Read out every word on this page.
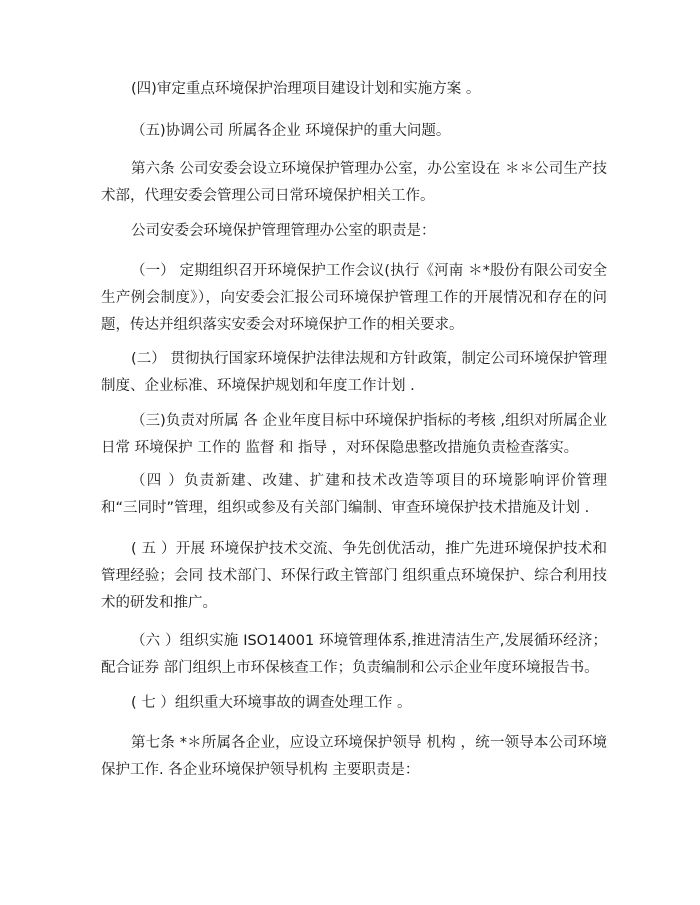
(四)审定重点环境保护治理项目建设计划和实施方案 。

（五)协调公司 所属各企业 环境保护的重大问题。

第六条 公司安委会设立环境保护管理办公室，办公室设在 ＊＊公司生产技术部，代理安委会管理公司日常环境保护相关工作。

公司安委会环境保护管理管理办公室的职责是：

（一） 定期组织召开环境保护工作会议(执行《河南 ＊*股份有限公司安全生产例会制度》），向安委会汇报公司环境保护管理工作的开展情况和存在的问题，传达并组织落实安委会对环境保护工作的相关要求。

(二） 贯彻执行国家环境保护法律法规和方针政策，制定公司环境保护管理制度、企业标准、环境保护规划和年度工作计划 .

（三)负责对所属 各 企业年度目标中环境保护指标的考核 ,组织对所属企业日常 环境保护 工作的 监督 和 指导 ，对环保隐患整改措施负责检查落实。

（四 ）负责新建、改建、扩建和技术改造等项目的环境影响评价管理和“三同时”管理，组织或参及有关部门编制、审查环境保护技术措施及计划 .

( 五 ）开展 环境保护技术交流、争先创优活动，推广先进环境保护技术和管理经验；会同 技术部门、环保行政主管部门 组织重点环境保护、综合利用技术的研发和推广。

（六 ）组织实施 ISO14001 环境管理体系,推进清洁生产,发展循环经济； 配合证券 部门组织上市环保核查工作；负责编制和公示企业年度环境报告书。

( 七 ）组织重大环境事故的调查处理工作 。

第七条 *＊所属各企业，应设立环境保护领导 机构 ，统一领导本公司环境保护工作. 各企业环境保护领导机构 主要职责是：
